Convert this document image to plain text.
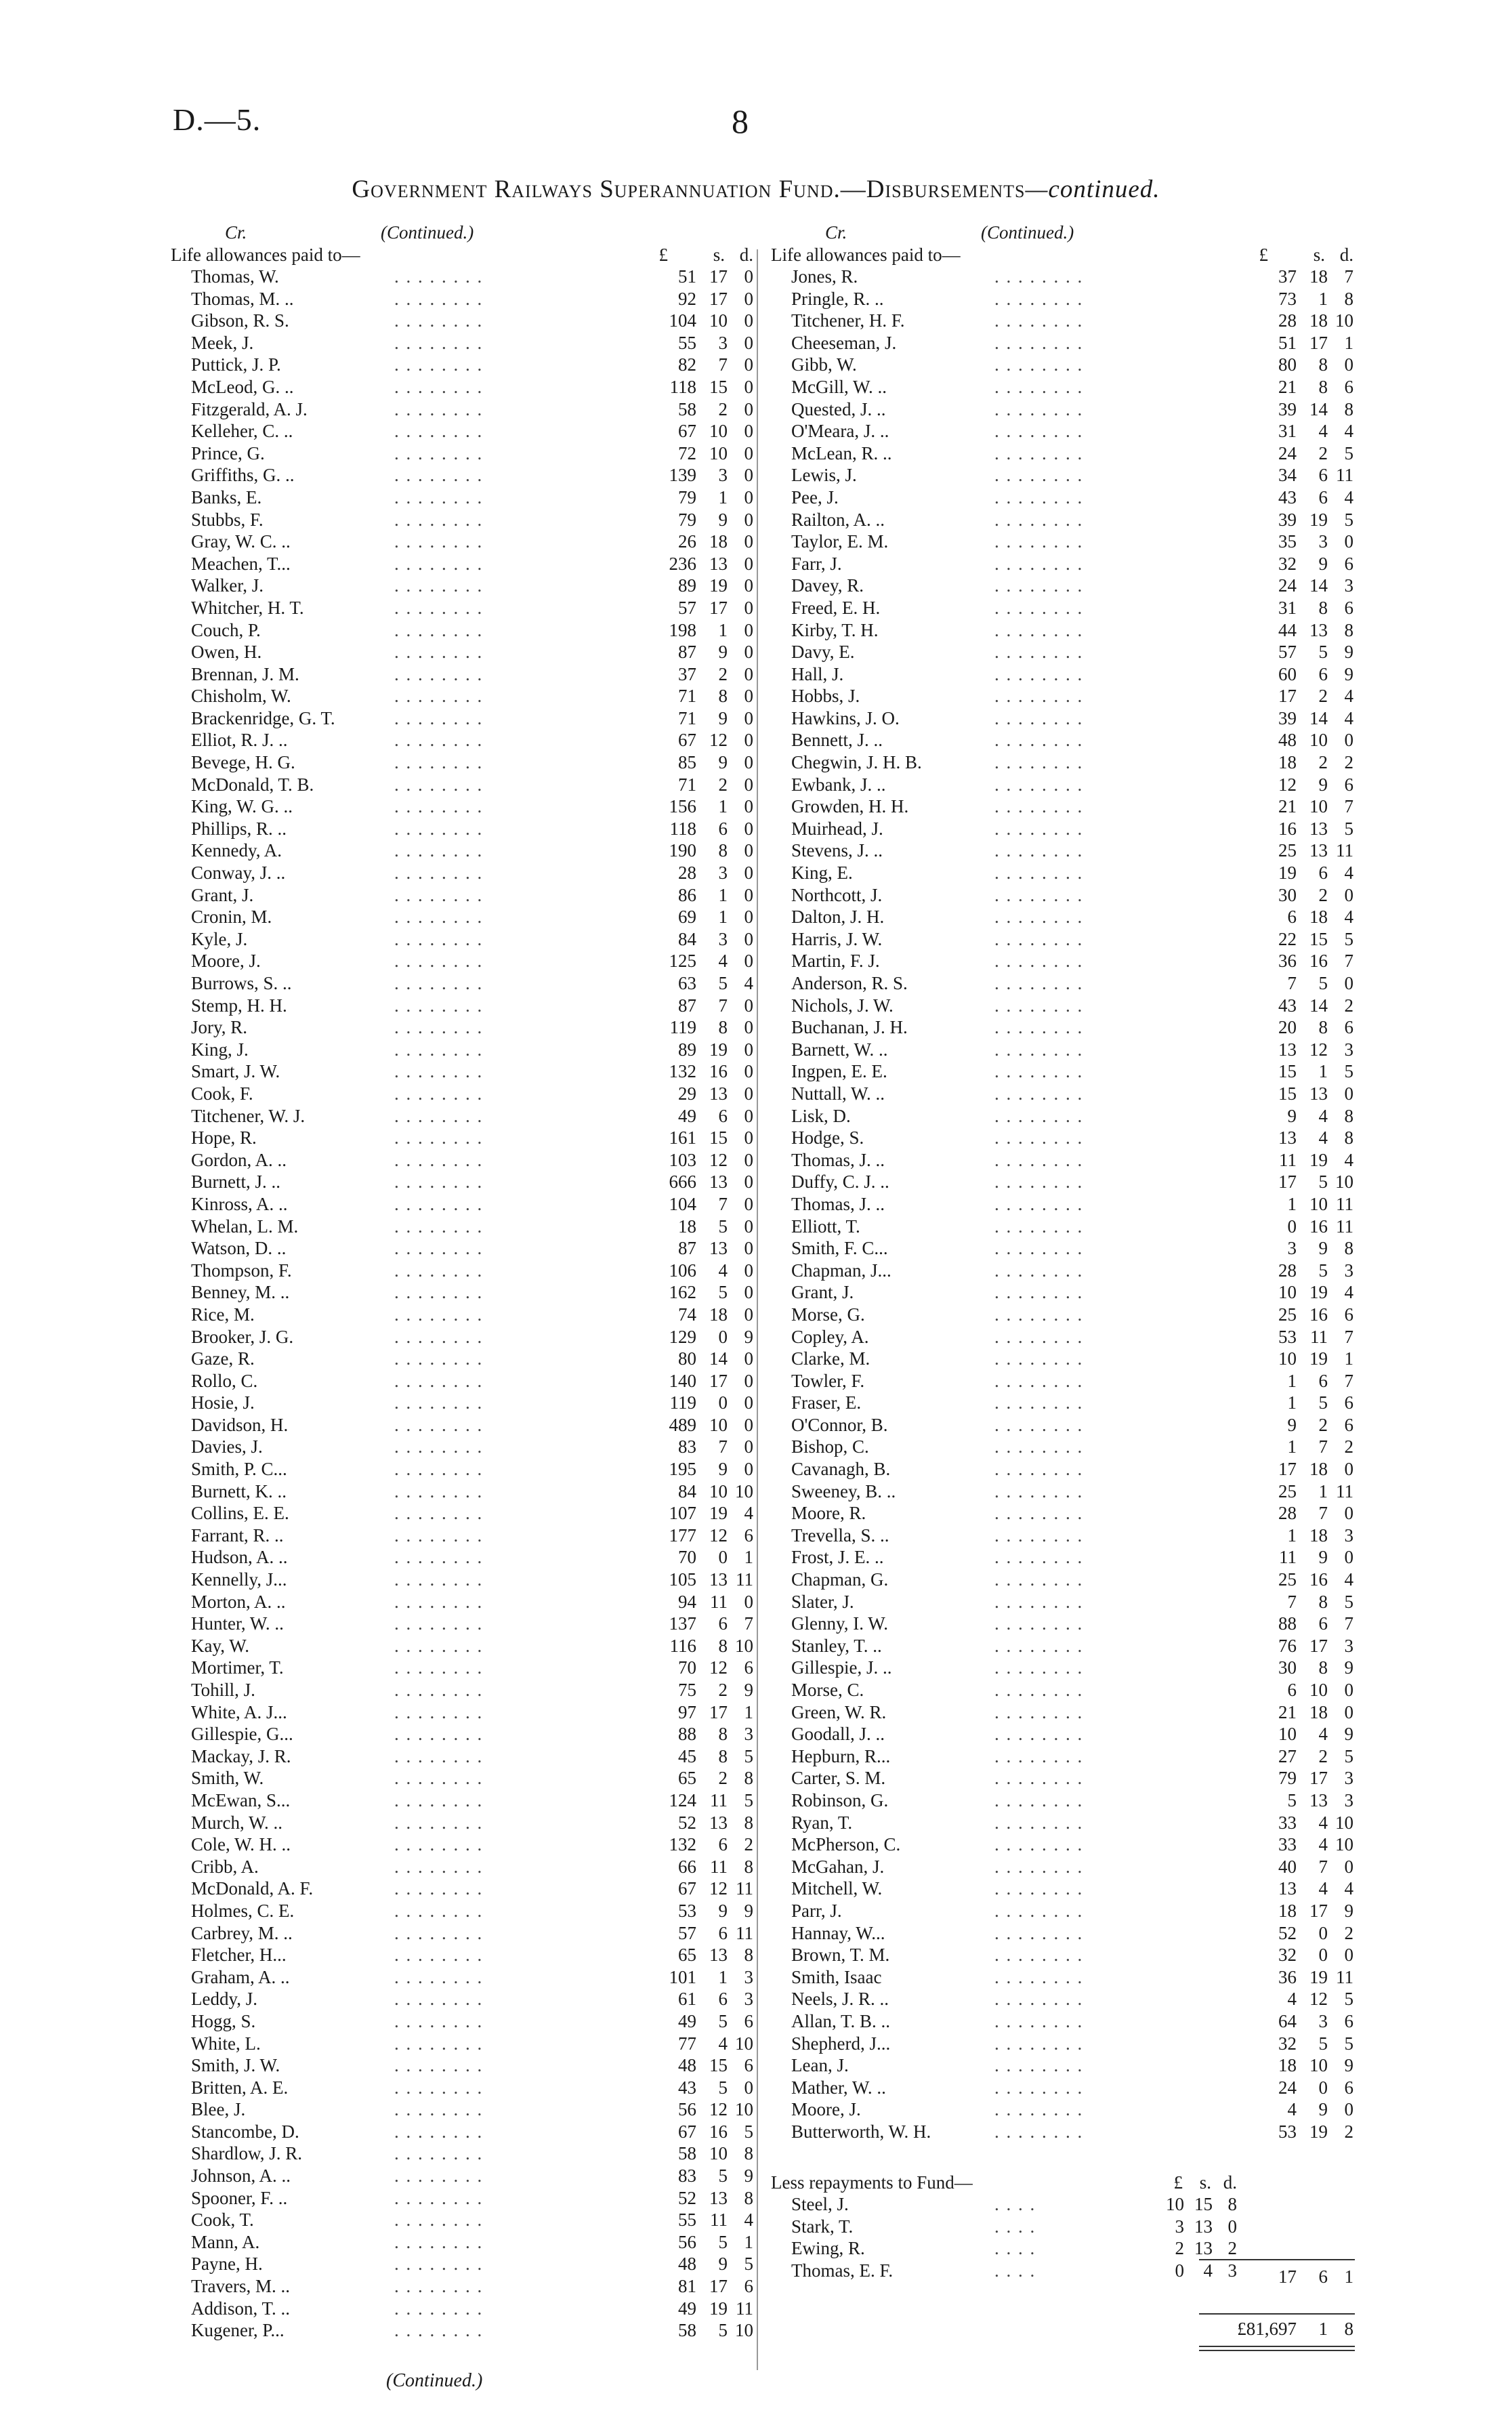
D.—5.	8
Government Railways Superannuation Fund.—Disbursements—continued.
Cr.	(Continued.)
Life allowances paid to—	£	s. d.
. . . . . . . .
Thomas, W.	51 17 0
. . . . . . . .
Thomas, M. ..	92 17 0
. . . . . . . .
Gibson, R. S.	104 10 0
. . . . . . . .
Meek, J.	55	3 0
. . . . . . . .
Puttick, J. P.	82	7 0
. . . . . . . .
McLeod, G. ..	118 15 0
. . . . . . . .
Fitzgerald, A. J.	58	2 0
. . . . . . . .
Kelleher, C. ..	67 10 0
. . . . . . . .
Prince, G.	72 10 0
. . . . . . . .
Griffiths, G. ..	139	3 0
. . . . . . . .
Banks, E.	79	1 0
. . . . . . . .
Stubbs, F.	79	9 0
. . . . . . . .
Gray, W. C. ..	26 18 0
. . . . . . . .
Meachen, T...	236 13 0
. . . . . . . .
Walker, J.	89 19 0
. . . . . . . .
Whitcher, H. T.	57 17 0
. . . . . . . .
Couch, P.	198	1 0
. . . . . . . .
Owen, H.	87	9 0
. . . . . . . .
Brennan, J. M.	37	2 0
. . . . . . . .
Chisholm, W.	71	8 0
. . . . . . . .
Brackenridge, G. T.	71	9 0
. . . . . . . .
Elliot, R. J. ..	67 12 0
. . . . . . . .
Bevege, H. G.	85	9 0
. . . . . . . .
McDonald, T. B.	71	2 0
. . . . . . . .
King, W. G. ..	156	1 0
. . . . . . . .
Phillips, R. ..	118	6 0
. . . . . . . .
Kennedy, A.	190	8 0
. . . . . . . .
Conway, J. ..	28	3 0
. . . . . . . .
Grant, J.	86	1 0
. . . . . . . .
Cronin, M.	69	1 0
. . . . . . . .
Kyle, J.	84	3 0
. . . . . . . .
Moore, J.	125	4 0
. . . . . . . .
Burrows, S. ..	63	5 4
. . . . . . . .
Stemp, H. H.	87	7 0
. . . . . . . .
Jory, R.	119	8 0
. . . . . . . .
King, J.	89 19 0
. . . . . . . .
Smart, J. W.	132 16 0
. . . . . . . .
Cook, F.	29 13 0
. . . . . . . .
Titchener, W. J.	49	6 0
. . . . . . . .
Hope, R.	161 15 0
. . . . . . . .
Gordon, A. ..	103 12 0
. . . . . . . .
Burnett, J. ..	666 13 0
. . . . . . . .
Kinross, A. ..	104	7 0
. . . . . . . .
Whelan, L. M.	18	5 0
. . . . . . . .
Watson, D. ..	87 13 0
. . . . . . . .
Thompson, F.	106	4 0
. . . . . . . .
Benney, M. ..	162	5 0
. . . . . . . .
Rice, M.	74 18 0
. . . . . . . .
Brooker, J. G.	129	0 9
. . . . . . . .
Gaze, R.	80 14 0
. . . . . . . .
Rollo, C.	140 17 0
. . . . . . . .
Hosie, J.	119	0 0
. . . . . . . .
Davidson, H.	489 10 0
. . . . . . . .
Davies, J.	83	7 0
. . . . . . . .
Smith, P. C...	195	9 0
. . . . . . . .
Burnett, K. ..	84 10 10
. . . . . . . .
Collins, E. E.	107 19 4
. . . . . . . .
Farrant, R. ..	177 12 6
. . . . . . . .
Hudson, A. ..	70	0 1
. . . . . . . .
Kennelly, J...	105 13 11
. . . . . . . .
Morton, A. ..	94 11 0
. . . . . . . .
Hunter, W. ..	137	6 7
. . . . . . . .
Kay, W.	116	8 10
. . . . . . . .
Mortimer, T.	70 12 6
. . . . . . . .
Tohill, J.	75	2 9
. . . . . . . .
White, A. J...	97 17 1
. . . . . . . .
Gillespie, G...	88	8 3
. . . . . . . .
Mackay, J. R.	45	8 5
. . . . . . . .
Smith, W.	65	2 8
. . . . . . . .
McEwan, S...	124 11 5
. . . . . . . .
Murch, W. ..	52 13 8
. . . . . . . .
Cole, W. H. ..	132	6 2
. . . . . . . .
Cribb, A.	66 11 8
. . . . . . . .
McDonald, A. F.	67 12 11
. . . . . . . .
Holmes, C. E.	53	9 9
. . . . . . . .
Carbrey, M. ..	57	6 11
. . . . . . . .
Fletcher, H...	65 13 8
. . . . . . . .
Graham, A. ..	101	1 3
. . . . . . . .
Leddy, J.	61	6 3
. . . . . . . .
Hogg, S.	49	5 6
. . . . . . . .
White, L.	77	4 10
. . . . . . . .
Smith, J. W.	48 15 6
. . . . . . . .
Britten, A. E.	43	5 0
. . . . . . . .
Blee, J.	56 12 10
. . . . . . . .
Stancombe, D.	67 16 5
. . . . . . . .
Shardlow, J. R.	58 10 8
. . . . . . . .
Johnson, A. ..	83	5 9
. . . . . . . .
Spooner, F. ..	52 13 8
. . . . . . . .
Cook, T.	55 11 4
. . . . . . . .
Mann, A.	56	5 1
. . . . . . . .
Payne, H.	48	9 5
. . . . . . . .
Travers, M. ..	81 17 6
. . . . . . . .
Addison, T. ..	49 19 11
. . . . . . . .
Kugener, P...	58	5 10
Cr.	(Continued.)
Life allowances paid to—	£	s. d.
. . . . . . . .
Jones, R.	37 18 7
. . . . . . . .
Pringle, R. ..	73	1 8
. . . . . . . .
Titchener, H. F.	28 18 10
. . . . . . . .
Cheeseman, J.	51 17 1
. . . . . . . .
Gibb, W.	80	8 0
. . . . . . . .
McGill, W. ..	21	8 6
. . . . . . . .
Quested, J. ..	39 14 8
. . . . . . . .
O'Meara, J. ..	31	4 4
. . . . . . . .
McLean, R. ..	24	2 5
. . . . . . . .
Lewis, J.	34	6 11
. . . . . . . .
Pee, J.	43	6 4
. . . . . . . .
Railton, A. ..	39 19 5
. . . . . . . .
Taylor, E. M.	35	3 0
. . . . . . . .
Farr, J.	32	9 6
. . . . . . . .
Davey, R.	24 14 3
. . . . . . . .
Freed, E. H.	31	8 6
. . . . . . . .
Kirby, T. H.	44 13 8
. . . . . . . .
Davy, E.	57	5 9
. . . . . . . .
Hall, J.	60	6 9
. . . . . . . .
Hobbs, J.	17	2 4
. . . . . . . .
Hawkins, J. O.	39 14 4
. . . . . . . .
Bennett, J. ..	48 10 0
. . . . . . . .
Chegwin, J. H. B.	18	2 2
. . . . . . . .
Ewbank, J. ..	12	9 6
. . . . . . . .
Growden, H. H.	21 10 7
. . . . . . . .
Muirhead, J.	16 13 5
. . . . . . . .
Stevens, J. ..	25 13 11
. . . . . . . .
King, E.	19	6 4
. . . . . . . .
Northcott, J.	30	2 0
. . . . . . . .
Dalton, J. H.	6 18 4
. . . . . . . .
Harris, J. W.	22 15 5
. . . . . . . .
Martin, F. J.	36 16 7
. . . . . . . .
Anderson, R. S.	7	5 0
. . . . . . . .
Nichols, J. W.	43 14 2
. . . . . . . .
Buchanan, J. H.	20	8 6
. . . . . . . .
Barnett, W. ..	13 12 3
. . . . . . . .
Ingpen, E. E.	15	1 5
. . . . . . . .
Nuttall, W. ..	15 13 0
. . . . . . . .
Lisk, D.	9	4 8
. . . . . . . .
Hodge, S.	13	4 8
. . . . . . . .
Thomas, J. ..	11 19 4
. . . . . . . .
Duffy, C. J. ..	17	5 10
. . . . . . . .
Thomas, J. ..	1 10 11
. . . . . . . .
Elliott, T.	0 16 11
. . . . . . . .
Smith, F. C...	3	9 8
. . . . . . . .
Chapman, J...	28	5 3
. . . . . . . .
Grant, J.	10 19 4
. . . . . . . .
Morse, G.	25 16 6
. . . . . . . .
Copley, A.	53 11 7
. . . . . . . .
Clarke, M.	10 19 1
. . . . . . . .
Towler, F.	1	6 7
. . . . . . . .
Fraser, E.	1	5 6
. . . . . . . .
O'Connor, B.	9	2 6
. . . . . . . .
Bishop, C.	1	7 2
. . . . . . . .
Cavanagh, B.	17 18 0
. . . . . . . .
Sweeney, B. ..	25	1 11
. . . . . . . .
Moore, R.	28	7 0
. . . . . . . .
Trevella, S. ..	1 18 3
. . . . . . . .
Frost, J. E. ..	11	9 0
. . . . . . . .
Chapman, G.	25 16 4
. . . . . . . .
Slater, J.	7	8 5
. . . . . . . .
Glenny, I. W.	88	6 7
. . . . . . . .
Stanley, T. ..	76 17 3
. . . . . . . .
Gillespie, J. ..	30	8 9
. . . . . . . .
Morse, C.	6 10 0
. . . . . . . .
Green, W. R.	21 18 0
. . . . . . . .
Goodall, J. ..	10	4 9
. . . . . . . .
Hepburn, R...	27	2 5
. . . . . . . .
Carter, S. M.	79 17 3
. . . . . . . .
Robinson, G.	5 13 3
. . . . . . . .
Ryan, T.	33	4 10
. . . . . . . .
McPherson, C.	33	4 10
. . . . . . . .
McGahan, J.	40	7 0
. . . . . . . .
Mitchell, W.	13	4 4
. . . . . . . .
Parr, J.	18 17 9
. . . . . . . .
Hannay, W...	52	0 2
. . . . . . . .
Brown, T. M.	32	0 0
. . . . . . . .
Smith, Isaac	36 19 11
. . . . . . . .
Neels, J. R. ..	4 12 5
. . . . . . . .
Allan, T. B. ..	64	3 6
. . . . . . . .
Shepherd, J...	32	5 5
. . . . . . . .
Lean, J.	18 10 9
. . . . . . . .
Mather, W. ..	24	0 6
. . . . . . . .
Moore, J.	4	9 0
. . . . . . . .
Butterworth, W. H.	53 19 2
Less repayments to Fund—	£ s. d.
. . . .
Steel, J.	10 15 8
. . . .
Stark, T.	3 13 0
. . . .
Ewing, R.	2 13 2
. . . .
Thomas, E. F.	0	4 3	17	6 1
£81,697	1 8
(Continued.)
